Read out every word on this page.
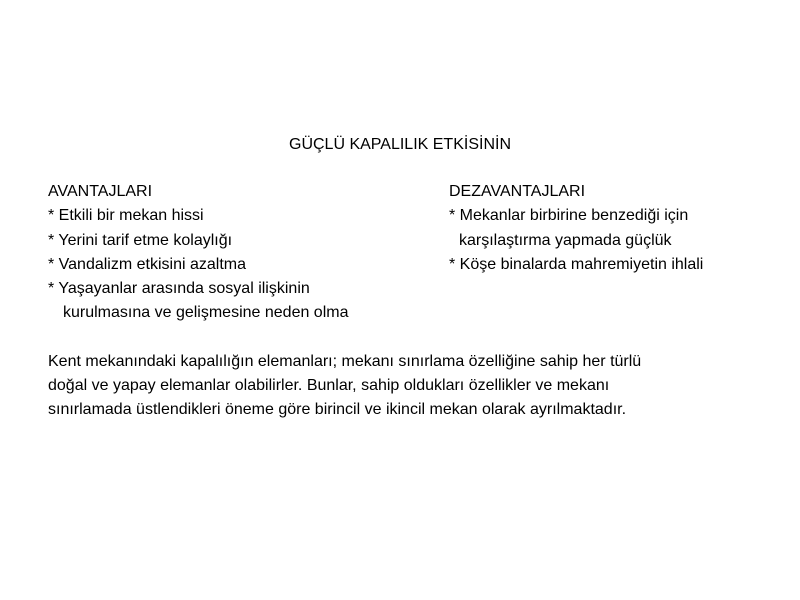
GÜÇLÜ KAPALILIK ETKİSİNİN
AVANTAJLARI
* Etkili bir mekan hissi
* Yerini tarif etme kolaylığı
* Vandalizm etkisini azaltma
* Yaşayanlar arasında sosyal ilişkinin
kurulmasına ve gelişmesine neden olma
DEZAVANTAJLARI
* Mekanlar birbirine benzediği için
karşılaştırma yapmada güçlük
* Köşe binalarda mahremiyetin ihlali
Kent mekanındaki kapalılığın elemanları; mekanı sınırlama özelliğine sahip her türlü
doğal ve yapay elemanlar olabilirler. Bunlar, sahip oldukları özellikler ve mekanı
sınırlamada üstlendikleri öneme göre birincil ve ikincil mekan olarak ayrılmaktadır.
